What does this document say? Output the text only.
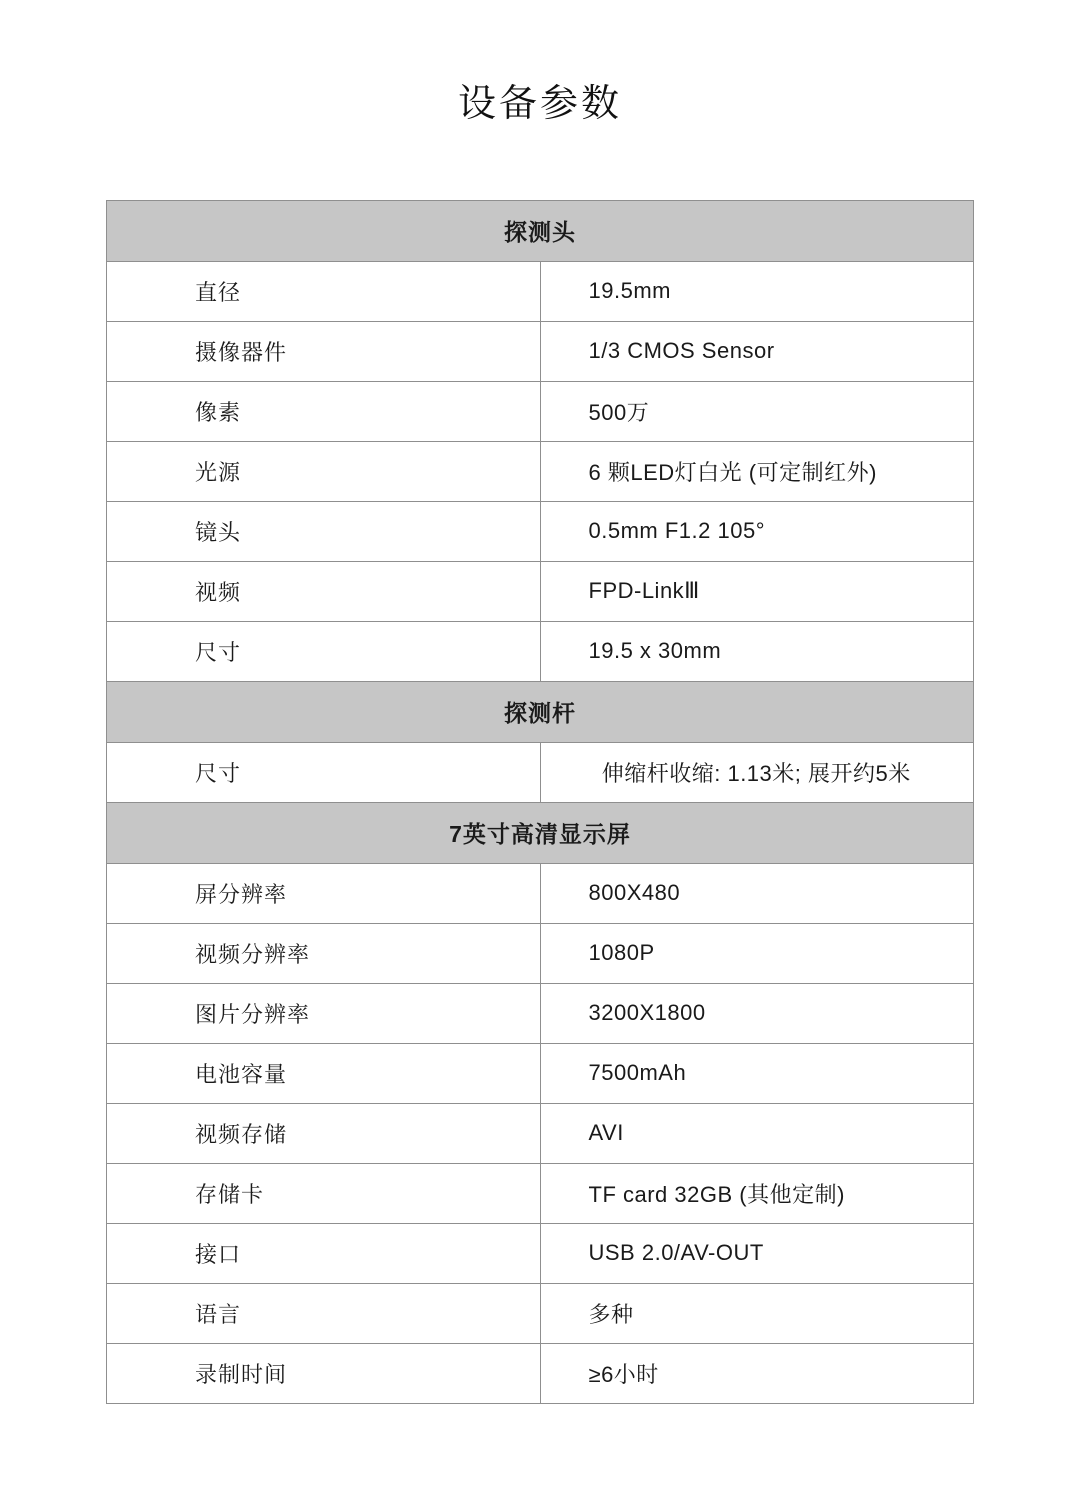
设备参数
探测头	
直径	19.5mm
摄像器件	1/3 CMOS Sensor
像素	500万
光源	6 颗LED灯白光 (可定制红外)
镜头	0.5mm F1.2 105°
视频	FPD-LinkⅢ
尺寸	19.5 x 30mm
探测杆	
尺寸	伸缩杆收缩: 1.13米; 展开约5米
7英寸高清显示屏	
屏分辨率	800X480
视频分辨率	1080P
图片分辨率	3200X1800
电池容量	7500mAh
视频存储	AVI
存储卡	TF card 32GB (其他定制)
接口	USB 2.0/AV-OUT
语言	多种
录制时间	≥6小时
